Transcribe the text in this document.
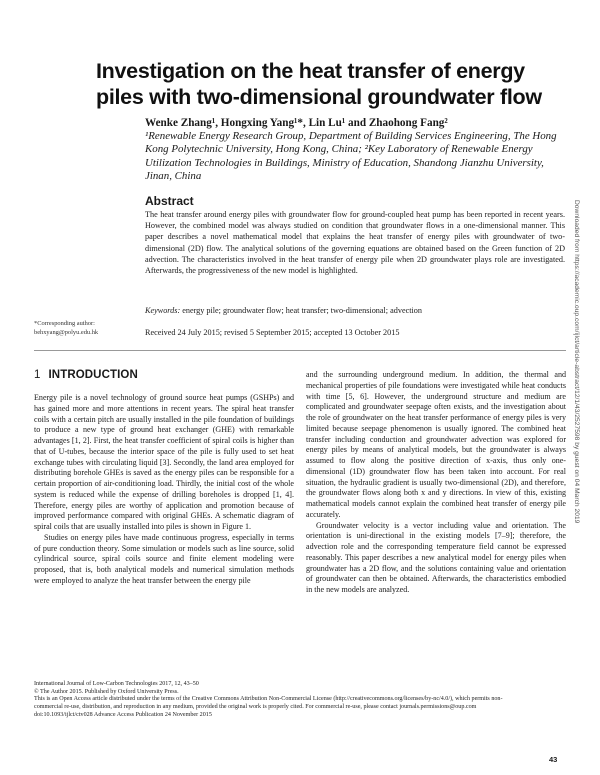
Investigation on the heat transfer of energy piles with two-dimensional groundwater flow
Wenke Zhang¹, Hongxing Yang¹*, Lin Lu¹ and Zhaohong Fang²
¹Renewable Energy Research Group, Department of Building Services Engineering, The Hong Kong Polytechnic University, Hong Kong, China; ²Key Laboratory of Renewable Energy Utilization Technologies in Buildings, Ministry of Education, Shandong Jianzhu University, Jinan, China
Abstract

The heat transfer around energy piles with groundwater flow for ground-coupled heat pump has been reported in recent years. However, the combined model was always studied on condition that groundwater flows in a one-dimensional manner. This paper describes a novel mathematical model that explains the heat transfer of energy piles with groundwater of two-dimensional (2D) flow. The analytical solutions of the governing equations are obtained based on the Green function of 2D advection. The characteristics involved in the heat transfer of energy pile when 2D groundwater plays role are investigated. Afterwards, the progressiveness of the new model is highlighted.

Keywords: energy pile; groundwater flow; heat transfer; two-dimensional; advection
Received 24 July 2015; revised 5 September 2015; accepted 13 October 2015
*Corresponding author:
behxyang@polyu.edu.hk
1 INTRODUCTION

Energy pile is a novel technology of ground source heat pumps (GSHPs) and has gained more and more attentions in recent years. The spiral heat transfer coils with a certain pitch are usually installed in the pile foundation of buildings to produce a new type of ground heat exchanger (GHE) with remarkable advantages [1, 2]. First, the heat transfer coefficient of spiral coils is higher than that of U-tubes, because the interior space of the pile is fully used to set heat exchange tubes with circulating liquid [3]. Secondly, the land area employed for distributing borehole GHEs is saved as the energy piles can be responsible for a certain proportion of air-conditioning load. Thirdly, the initial cost of the whole system is reduced while the expense of drilling boreholes is dropped [1, 4]. Therefore, energy piles are worthy of application and promotion because of improved performance compared with original GHEs. A schematic diagram of spiral coils that are usually installed into piles is shown in Figure 1.

Studies on energy piles have made continuous progress, especially in terms of pure conduction theory. Some simulation or models such as line source, solid cylindrical source, spiral coils source and finite element modeling were proposed, that is, both analytical models and numerical simulation methods were employed to analyze the heat transfer between the energy pile

and the surrounding underground medium. In addition, the thermal and mechanical properties of pile foundations were investigated while heat conducts with time [5, 6]. However, the underground structure and medium are complicated and groundwater seepage often exists, and the investigation about the role of groundwater on the heat transfer performance of energy piles is very limited because seepage phenomenon is usually ignored. The combined heat transfer including conduction and groundwater advection was explored for energy piles by means of analytical models, but the groundwater is always assumed to flow along the positive direction of x-axis, thus only one-dimensional (1D) groundwater flow has been taken into account. For real situation, the hydraulic gradient is usually two-dimensional (2D), and therefore, the groundwater flows along both x and y directions. In view of this, existing mathematical models cannot explain the combined heat transfer of energy pile accurately.

Groundwater velocity is a vector including value and orientation. The orientation is uni-directional in the existing models [7–9]; therefore, the advection role and the corresponding temperature field cannot be expressed reasonably. This paper describes a new analytical model for energy piles when groundwater has a 2D flow, and the solutions containing value and orientation of groundwater can then be obtained. Afterwards, the characteristics embodied in the new models are analyzed.

International Journal of Low-Carbon Technologies 2017, 12, 43–50

© The Author 2015. Published by Oxford University Press.

This is an Open Access article distributed under the terms of the Creative Commons Attribution Non-Commercial License (http://creativecommons.org/licenses/by-nc/4.0/), which permits non-commercial re-use, distribution, and reproduction in any medium, provided the original work is properly cited. For commercial re-use, please contact journals.permissions@oup.com

doi:10.1093/ijlct/ctv028 Advance Access Publication 24 November 2015

43
Downloaded from https://academic.oup.com/ijlct/article-abstract/12/1/43/2527598 by guest on 04 March 2019
